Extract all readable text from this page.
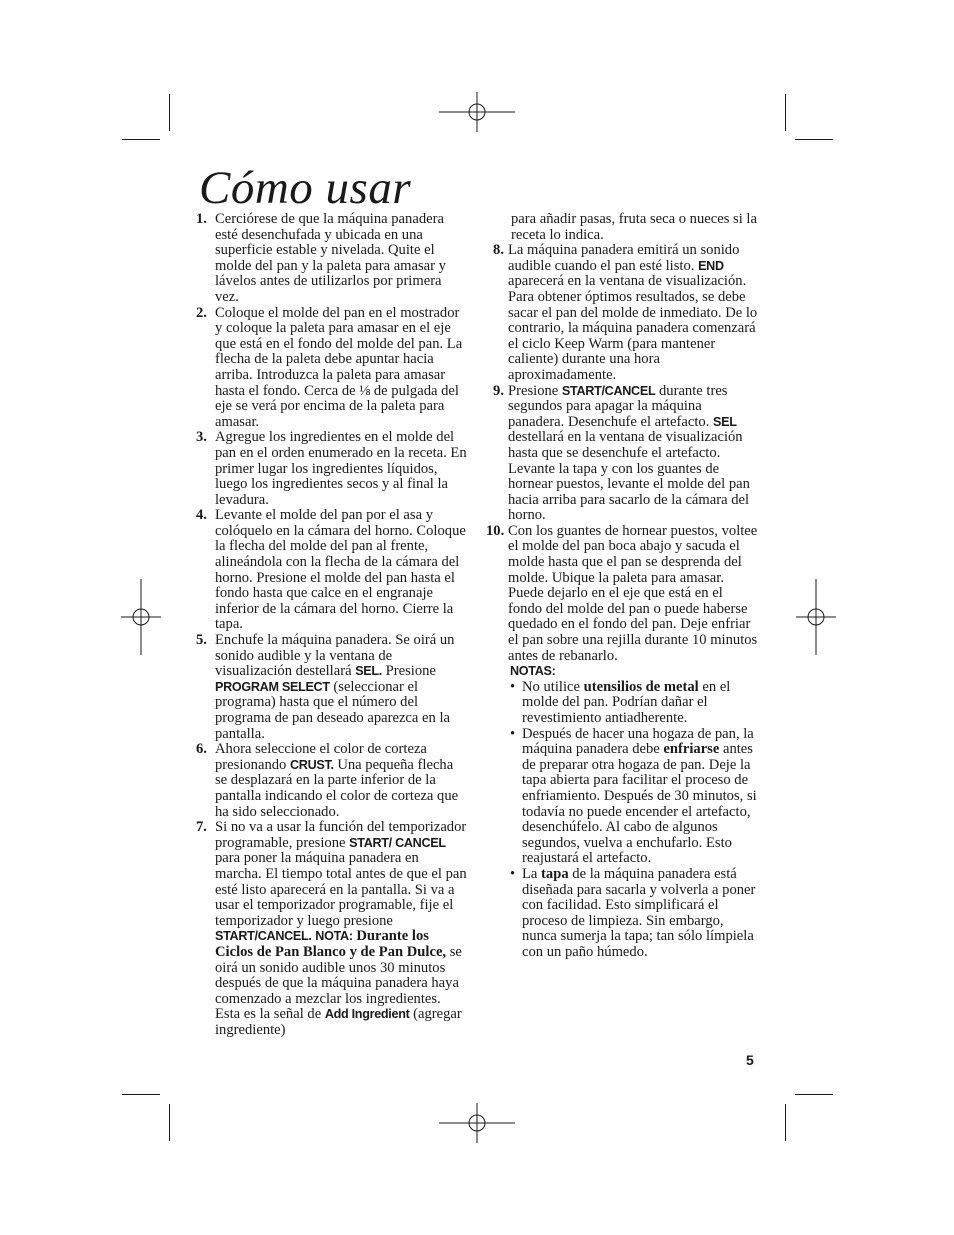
Cómo usar
1. Cerciórese de que la máquina panadera esté desenchufada y ubicada en una superficie estable y nivelada. Quite el molde del pan y la paleta para amasar y lávelos antes de utilizarlos por primera vez.
2. Coloque el molde del pan en el mostrador y coloque la paleta para amasar en el eje que está en el fondo del molde del pan. La flecha de la paleta debe apuntar hacia arriba. Introduzca la paleta para amasar hasta el fondo. Cerca de ⅛ de pulgada del eje se verá por encima de la paleta para amasar.
3. Agregue los ingredientes en el molde del pan en el orden enumerado en la receta. En primer lugar los ingredientes líquidos, luego los ingredientes secos y al final la levadura.
4. Levante el molde del pan por el asa y colóquelo en la cámara del horno. Coloque la flecha del molde del pan al frente, alineándola con la flecha de la cámara del horno. Presione el molde del pan hasta el fondo hasta que calce en el engranaje inferior de la cámara del horno. Cierre la tapa.
5. Enchufe la máquina panadera. Se oirá un sonido audible y la ventana de visualización destellará SEL. Presione PROGRAM SELECT (seleccionar el programa) hasta que el número del programa de pan deseado aparezca en la pantalla.
6. Ahora seleccione el color de corteza presionando CRUST. Una pequeña flecha se desplazará en la parte inferior de la pantalla indicando el color de corteza que ha sido seleccionado.
7. Si no va a usar la función del temporizador programable, presione START/ CANCEL para poner la máquina panadera en marcha. El tiempo total antes de que el pan esté listo aparecerá en la pantalla. Si va a usar el temporizador programable, fije el temporizador y luego presione START/CANCEL. NOTA: Durante los Ciclos de Pan Blanco y de Pan Dulce, se oirá un sonido audible unos 30 minutos después de que la máquina panadera haya comenzado a mezclar los ingredientes. Esta es la señal de Add Ingredient (agregar ingrediente)
para añadir pasas, fruta seca o nueces si la receta lo indica.
8. La máquina panadera emitirá un sonido audible cuando el pan esté listo. END aparecerá en la ventana de visualización. Para obtener óptimos resultados, se debe sacar el pan del molde de inmediato. De lo contrario, la máquina panadera comenzará el ciclo Keep Warm (para mantener caliente) durante una hora aproximadamente.
9. Presione START/CANCEL durante tres segundos para apagar la máquina panadera. Desenchufe el artefacto. SEL destellará en la ventana de visualización hasta que se desenchufe el artefacto. Levante la tapa y con los guantes de hornear puestos, levante el molde del pan hacia arriba para sacarlo de la cámara del horno.
10. Con los guantes de hornear puestos, voltee el molde del pan boca abajo y sacuda el molde hasta que el pan se desprenda del molde. Ubique la paleta para amasar. Puede dejarlo en el eje que está en el fondo del molde del pan o puede haberse quedado en el fondo del pan. Deje enfriar el pan sobre una rejilla durante 10 minutos antes de rebanarlo.
NOTAS:
• No utilice utensilios de metal en el molde del pan. Podrían dañar el revestimiento antiadherente.
• Después de hacer una hogaza de pan, la máquina panadera debe enfriarse antes de preparar otra hogaza de pan. Deje la tapa abierta para facilitar el proceso de enfriamiento. Después de 30 minutos, si todavía no puede encender el artefacto, desenchúfelo. Al cabo de algunos segundos, vuelva a enchufarlo. Esto reajustará el artefacto.
• La tapa de la máquina panadera está diseñada para sacarla y volverla a poner con facilidad. Esto simplificará el proceso de limpieza. Sin embargo, nunca sumerja la tapa; tan sólo límpiela con un paño húmedo.
5
